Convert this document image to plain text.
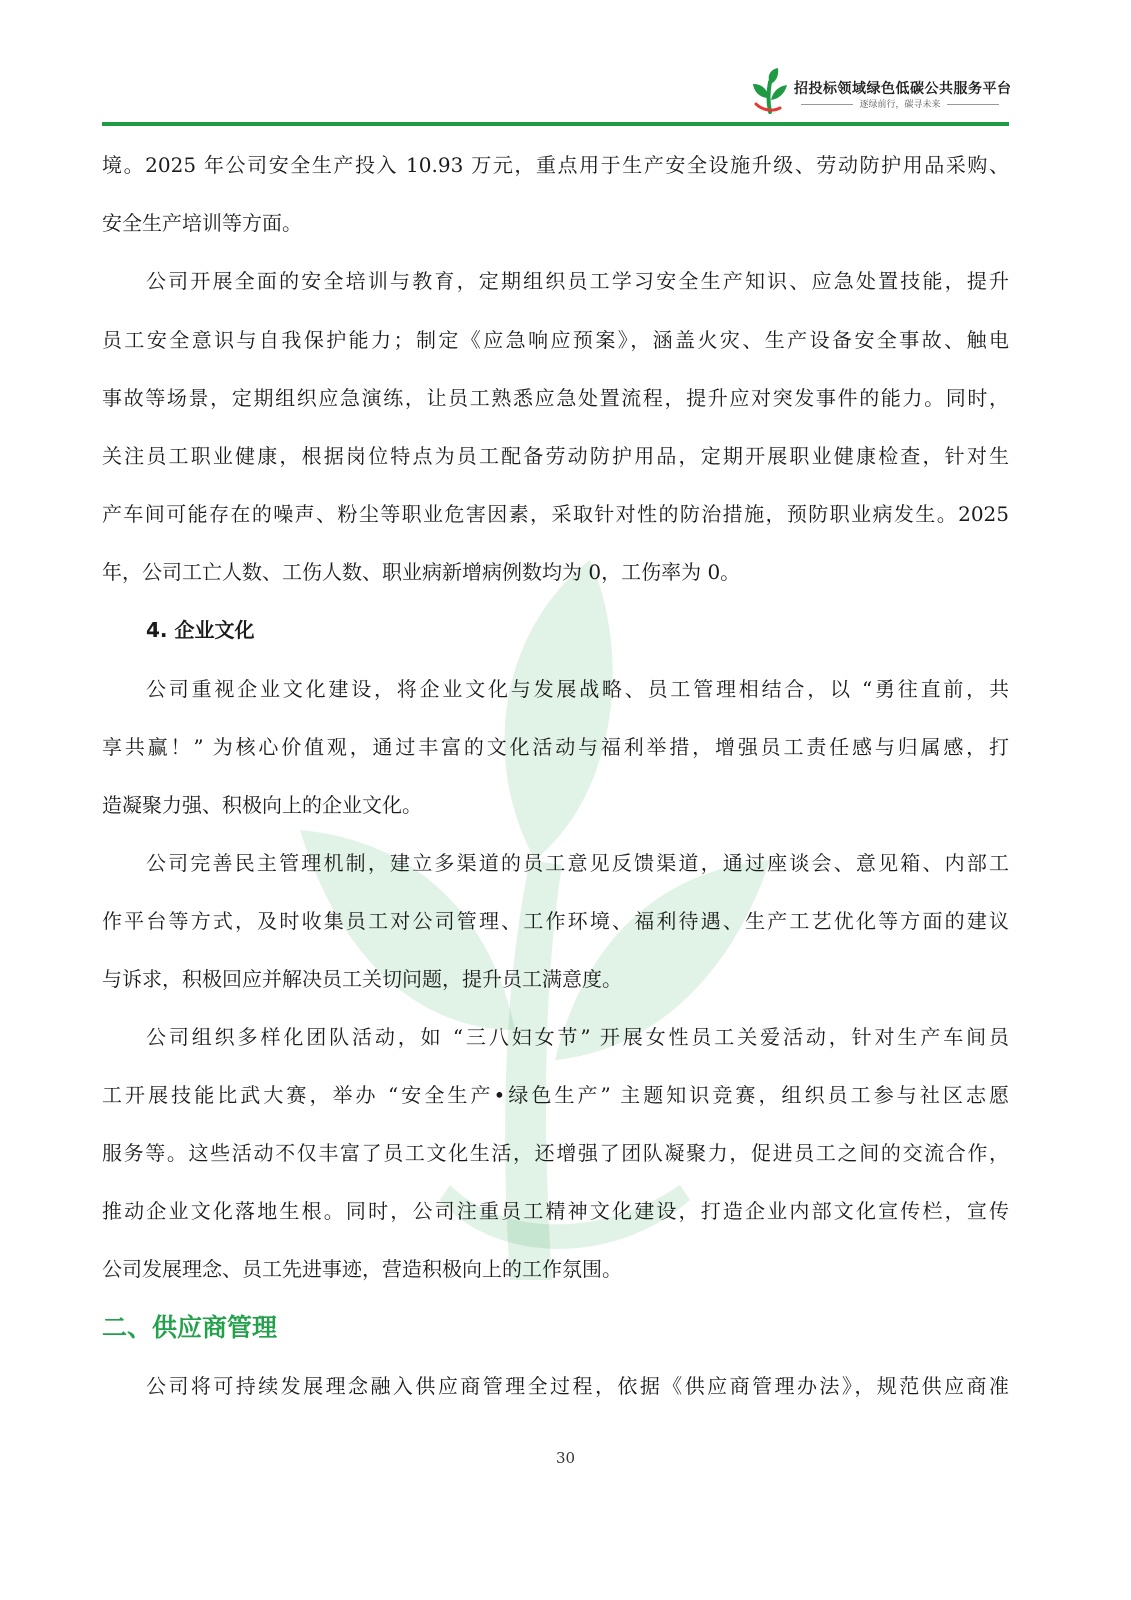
招投标领域绿色低碳公共服务平台
逐绿前行，碳寻未来
境。2025 年公司安全生产投入 10.93 万元，重点用于生产安全设施升级、劳动防护用品采购、
安全生产培训等方面。
公司开展全面的安全培训与教育，定期组织员工学习安全生产知识、应急处置技能，提升
员工安全意识与自我保护能力；制定《应急响应预案》，涵盖火灾、生产设备安全事故、触电
事故等场景，定期组织应急演练，让员工熟悉应急处置流程，提升应对突发事件的能力。同时，
关注员工职业健康，根据岗位特点为员工配备劳动防护用品，定期开展职业健康检查，针对生
产车间可能存在的噪声、粉尘等职业危害因素，采取针对性的防治措施，预防职业病发生。2025
年，公司工亡人数、工伤人数、职业病新增病例数均为 0，工伤率为 0。
4. 企业文化
公司重视企业文化建设，将企业文化与发展战略、员工管理相结合，以 “勇往直前，共
享共赢！” 为核心价值观，通过丰富的文化活动与福利举措，增强员工责任感与归属感，打
造凝聚力强、积极向上的企业文化。
公司完善民主管理机制，建立多渠道的员工意见反馈渠道，通过座谈会、意见箱、内部工
作平台等方式，及时收集员工对公司管理、工作环境、福利待遇、生产工艺优化等方面的建议
与诉求，积极回应并解决员工关切问题，提升员工满意度。
公司组织多样化团队活动，如 “三八妇女节” 开展女性员工关爱活动，针对生产车间员
工开展技能比武大赛，举办 “安全生产•绿色生产” 主题知识竞赛，组织员工参与社区志愿
服务等。这些活动不仅丰富了员工文化生活，还增强了团队凝聚力，促进员工之间的交流合作，
推动企业文化落地生根。同时，公司注重员工精神文化建设，打造企业内部文化宣传栏，宣传
公司发展理念、员工先进事迹，营造积极向上的工作氛围。
二、供应商管理
公司将可持续发展理念融入供应商管理全过程，依据《供应商管理办法》，规范供应商准
30
